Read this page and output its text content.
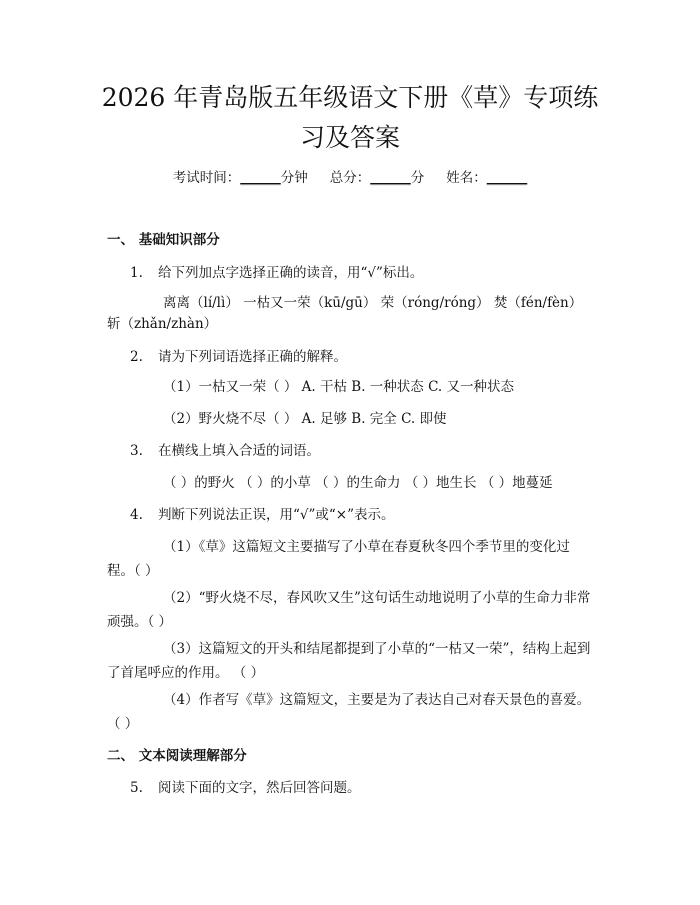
2026 年青岛版五年级语文下册《草》专项练
习及答案
考试时间：______分钟 总分：______分 姓名：______
一、 基础知识部分
1. 给下列加点字选择正确的读音，用“√”标出。
离离（lí/lì） 一枯又一荣（kū/gū） 荣（róng/róng） 焚（fén/fèn）
斩（zhǎn/zhàn）
2. 请为下列词语选择正确的解释。
（1）一枯又一荣（ ） A. 干枯 B. 一种状态 C. 又一种状态
（2）野火烧不尽（ ） A. 足够 B. 完全 C. 即使
3. 在横线上填入合适的词语。
（ ）的野火 （ ）的小草 （ ）的生命力 （ ）地生长 （ ）地蔓延
4. 判断下列说法正误，用“√”或“×”表示。
（1）《草》这篇短文主要描写了小草在春夏秋冬四个季节里的变化过程。（ ）
（2）“野火烧不尽，春风吹又生”这句话生动地说明了小草的生命力非常顽强。（ ）
（3）这篇短文的开头和结尾都提到了小草的“一枯又一荣”，结构上起到了首尾呼应的作用。 （ ）
（4）作者写《草》这篇短文，主要是为了表达自己对春天景色的喜爱。（ ）
二、 文本阅读理解部分
5. 阅读下面的文字，然后回答问题。
